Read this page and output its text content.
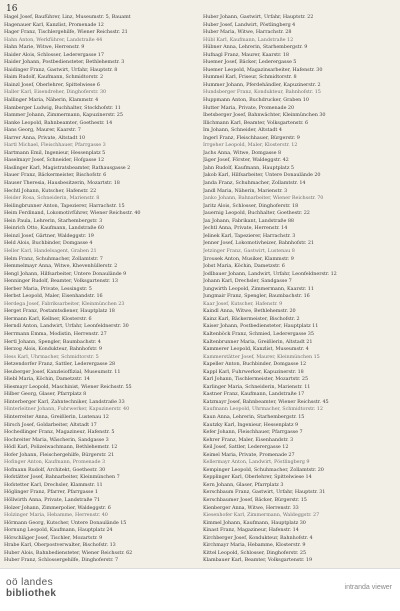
16
Hagel Josef, Bauführer, Linz, Museumstr. 5, Bauamt
Hagenauer Karl, Kanzlist, Promenade 12
Hager Franz, Tischlergehilfe, Wiener Reichsstr. 21
Hahn Anton, Werkführer, Landstraße 44
Hahn Marie, Witwe, Herrenstr. 9
Haider Alois, Schlosser, Lederergasse 17
Haider Johann, Postbediensteter, Bethlehemstr. 3
Haidinger Franz, Gastwirt, Urfahr, Hauptstr. 8
Haim Rudolf, Kaufmann, Schmidtorstr. 2
Hainzl Josef, Oberlehrer, Spittelwiese 6
Haller Karl, Eisendreher, Dinghoferstr. 30
Hallinger Maria, Näherin, Klammstr. 4
Hamberger Ludwig, Buchhalter, Stockhofstr. 11
Hammer Johann, Zimmermann, Kapuzinerstr. 25
Hanke Leopold, Bahnbeamter, Goethestr. 14
Hans Georg, Maurer, Kaarstr. 7
Harrer Anna, Private, Altstadt 10
Hartl Michael, Fleischhauer, Pfarrgasse 3
Hartmann Emil, Ingenieur, Hessenplatz 5
Haselmayr Josef, Schneider, Hofgasse 12
Haslinger Karl, Magistratsbeamter, Rathausgasse 2
Hauer Franz, Bäckermeister, Bischofstr. 6
Hauser Theresia, Hausbesitzerin, Mozartstr. 18
Hechtl Johann, Kutscher, Hafenstr. 22
Heider Rosa, Schneiderin, Marienstr. 8
Heilingbrunner Anton, Tapezierer, Harrachstr. 15
Heim Ferdinand, Lokomotivführer, Wiener Reichsstr. 40
Hein Paula, Lehrerin, Starhembergstr. 3
Heinrich Otto, Kaufmann, Landstraße 60
Heinzl Josef, Gärtner, Waldeggstr. 19
Held Alois, Buchbinder, Domgasse 4
Heller Karl, Handelsagent, Graben 21
Helm Franz, Schuhmacher, Zollamtstr. 7
Hemmelmayr Anna, Witwe, Khevenhüllerstr. 2
Hengl Johann, Hilfsarbeiter, Untere Donaulände 9
Henninger Rudolf, Beamter, Volksgartenstr. 13
Herber Maria, Private, Lessingstr. 5
Herbst Leopold, Maler, Eisenhandstr. 16
Herdega Josef, Fabriksarbeiter, Kleinmünchen 23
Herget Franz, Postamtsdiener, Hauptplatz 18
Hermann Karl, Kellner, Klosterstr. 6
Herndl Anton, Landwirt, Urfahr, Leonfeldnerstr. 30
Herrmann Emma, Modistin, Herrenstr. 27
Hertl Johann, Spengler, Baumbachstr. 4
Herzog Alois, Kondukteur, Bahnhofstr. 9
Hess Karl, Uhrmacher, Schmidtorstr. 5
Hetzendorfer Franz, Sattler, Lederergasse 28
Heuberger Josef, Kanzleioffizial, Museumstr. 11
Hiebl Maria, Köchin, Dametzstr. 14
Hiesmayr Leopold, Maschinist, Wiener Reichsstr. 55
Hilber Georg, Glaser, Pfarrplatz 8
Hinterberger Karl, Zahntechniker, Landstraße 33
Hinterleitner Johann, Fuhrwerker, Kapuzinerstr. 40
Hinterreiter Anna, Greißlerin, Lustenau 12
Hirsch Josef, Goldarbeiter, Altstadt 17
Hochedlinger Franz, Magazineur, Hafenstr. 5
Hochreiter Maria, Wäscherin, Sandgasse 3
Hödl Karl, Polizeiwachmann, Bethlehemstr. 12
Hofer Johann, Fleischergehilfe, Bürgerstr. 21
Hofinger Anton, Kaufmann, Promenade 3
Hofmann Rudolf, Architekt, Goethestr. 30
Hofstätter Josef, Bahnarbeiter, Kleinmünchen 7
Hofstetter Karl, Drechsler, Klammstr. 11
Höglinger Franz, Pfarrer, Pfarrgasse 1
Höllwirth Anna, Private, Landstraße 71
Holzer Johann, Zimmerpolier, Waldeggstr. 6
Holzinger Maria, Hebamme, Herrenstr. 40
Hörmann Georg, Kutscher, Untere Donaulände 15
Hornung Leopold, Kaufmann, Hauptplatz 24
Hörschläger Josef, Tischler, Mozartstr. 9
Hrabe Karl, Oberpostverwalter, Bischofstr. 13
Huber Alois, Bahnbediensteter, Wiener Reichsstr. 62
Huber Franz, Schlossergehilfe, Dinghoferstr. 7
Huber Johann, Gastwirt, Urfahr, Hauptstr. 22
Huber Josef, Landwirt, Pöstlingberg 4
Huber Maria, Witwe, Harrachstr. 28
Hübl Karl, Kaufmann, Landstraße 12
Hübner Anna, Lehrerin, Starhembergstr. 9
Hufnagl Franz, Maurer, Kaarstr. 18
Huemer Josef, Bäcker, Lederergasse 5
Huemer Leopold, Magazinsarbeiter, Hafenstr. 30
Hummel Karl, Friseur, Schmidtorstr. 8
Hummer Johann, Pferdehändler, Kapuzinerstr. 2
Hundsberger Franz, Kondukteur, Bahnhofstr. 15
Huppmann Anton, Buchdrucker, Graben 10
Hutter Maria, Private, Promenade 20
Ibetsberger Josef, Bahnwächter, Kleinmünchen 30
Illichmann Karl, Beamter, Volksgartenstr. 6
Im Johann, Schneider, Altstadt 4
Ingerl Franz, Fleischhauer, Bürgerstr. 9
Irrgeher Leopold, Maler, Klosterstr. 12
Jachs Anna, Witwe, Domgasse 8
Jäger Josef, Förster, Waldeggstr. 42
Jahn Rudolf, Kaufmann, Hauptplatz 5
Jakob Karl, Hilfsarbeiter, Untere Donaulände 20
Janda Franz, Schuhmacher, Zollamtstr. 14
Jandl Maria, Näherin, Marienstr. 3
Janko Johann, Bahnarbeiter, Wiener Reichsstr. 70
Jaritz Alois, Schlosser, Dinghoferstr. 18
Jauernig Leopold, Buchhalter, Goethestr. 22
Jax Johann, Fabrikant, Landstraße 88
Jechtl Anna, Private, Herrenstr. 14
Jelinek Karl, Tapezierer, Harrachstr. 3
Jenner Josef, Lokomotivheizer, Bahnhofstr. 21
Jetzinger Franz, Gastwirt, Lustenau 8
Jirousek Anton, Musiker, Klammstr. 9
Jobst Maria, Köchin, Dametzstr. 6
Jodlbauer Johann, Landwirt, Urfahr, Leonfeldnerstr. 12
Johann Karl, Drechsler, Sandgasse 7
Jungwirth Leopold, Zimmermann, Kaarstr. 11
Jungmair Franz, Spengler, Baumbachstr. 16
Kaar Josef, Kutscher, Hafenstr. 9
Kaindl Anna, Witwe, Bethlehemstr. 20
Kainz Karl, Bäckermeister, Bischofstr. 2
Kaiser Johann, Postbediensteter, Hauptplatz 11
Kaltenböck Franz, Schmied, Lederergasse 35
Kaltenbrunner Maria, Greißlerin, Altstadt 21
Kammerer Leopold, Kanzlist, Museumstr. 4
Kammerstätter Josef, Maurer, Kleinmünchen 15
Kapeller Anton, Buchbinder, Domgasse 12
Kappl Karl, Fuhrwerker, Kapuzinerstr. 18
Karl Johann, Tischlermeister, Mozartstr. 25
Karlinger Maria, Schneiderin, Marienstr. 11
Kastner Franz, Kaufmann, Landstraße 17
Katzmayr Josef, Bahnbeamter, Wiener Reichsstr. 45
Kaufmann Leopold, Uhrmacher, Schmidtorstr. 12
Kaun Anna, Lehrerin, Starhembergstr. 15
Kautzky Karl, Ingenieur, Hessenplatz 9
Kefer Johann, Fleischhauer, Pfarrgasse 7
Kehrer Franz, Maler, Eisenhandstr. 3
Keil Josef, Sattler, Lederergasse 12
Keimel Maria, Private, Promenade 27
Kellermayr Anton, Landwirt, Pöstlingberg 9
Kempinger Leopold, Schuhmacher, Zollamtstr. 20
Kepplinger Karl, Oberlehrer, Spittelwiese 14
Kern Johann, Glaser, Pfarrplatz 3
Kerschbaum Franz, Gastwirt, Urfahr, Hauptstr. 31
Kerschbaumer Josef, Bäcker, Bürgerstr. 15
Kienberger Anna, Witwe, Herrenstr. 33
Kiesenhofer Karl, Zimmermann, Waldeggstr. 27
Kimmel Johann, Kaufmann, Hauptplatz 30
Kinast Franz, Magazineur, Hafenstr. 14
Kirchberger Josef, Kondukteur, Bahnhofstr. 4
Kirchmayr Maria, Hebamme, Klosterstr. 9
Kittel Leopold, Schlosser, Dinghoferstr. 25
Klambauer Karl, Beamter, Volksgartenstr. 19
oö landes
bibliothek
intranda viewer
